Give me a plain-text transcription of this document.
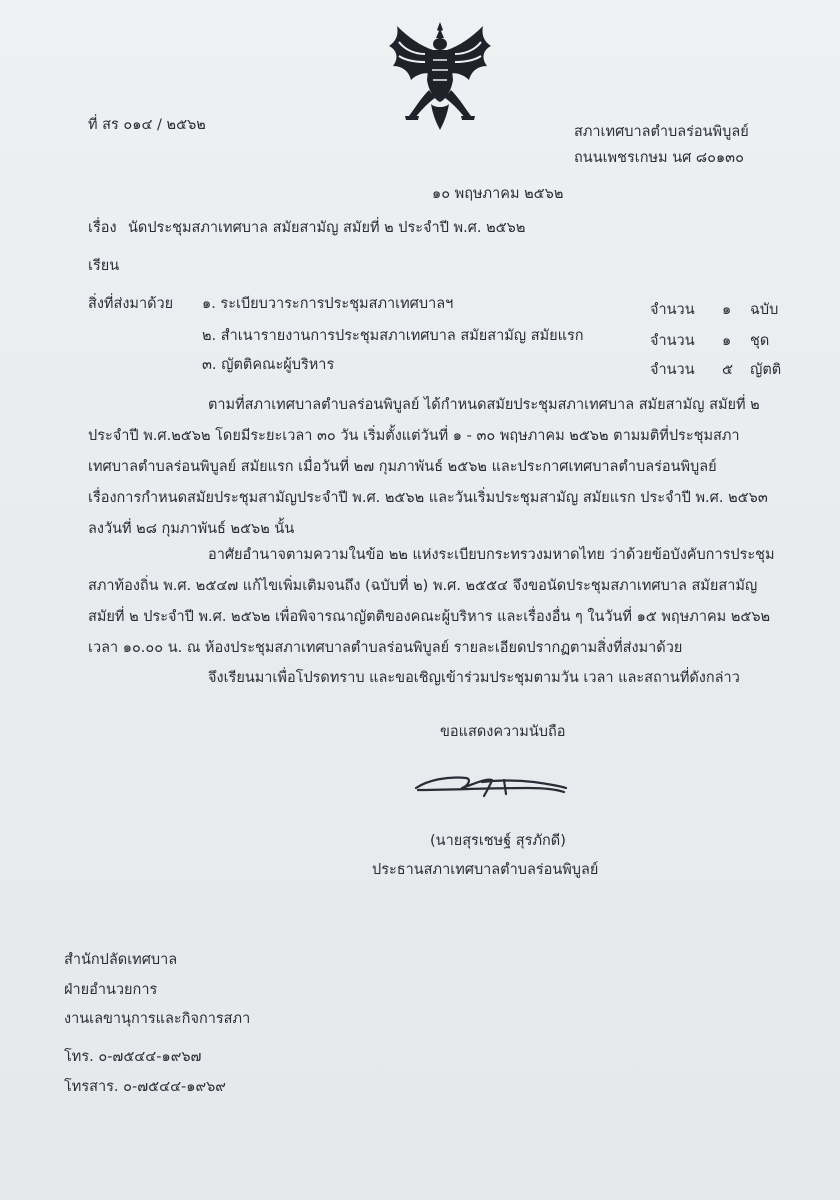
ที่ สร ๐๑๔ / ๒๕๖๒	สภาเทศบาลตำบลร่อนพิบูลย์
ถนนเพชรเกษม นศ ๘๐๑๓๐
๑๐ พฤษภาคม ๒๕๖๒
เรื่อง นัดประชุมสภาเทศบาล สมัยสามัญ สมัยที่ ๒ ประจำปี พ.ศ. ๒๕๖๒
เรียน
สิ่งที่ส่งมาด้วย ๑. ระเบียบวาระการประชุมสภาเทศบาลฯ	จำนวน ๑ ฉบับ
๒. สำเนารายงานการประชุมสภาเทศบาล สมัยสามัญ สมัยแรก	จำนวน ๑ ชุด
๓. ญัตติคณะผู้บริหาร	จำนวน ๕ ญัตติ
ตามที่สภาเทศบาลตำบลร่อนพิบูลย์ ได้กำหนดสมัยประชุมสภาเทศบาล สมัยสามัญ สมัยที่ ๒
ประจำปี พ.ศ.๒๕๖๒ โดยมีระยะเวลา ๓๐ วัน เริ่มตั้งแต่วันที่ ๑ - ๓๐ พฤษภาคม ๒๕๖๒ ตามมติที่ประชุมสภา
เทศบาลตำบลร่อนพิบูลย์ สมัยแรก เมื่อวันที่ ๒๗ กุมภาพันธ์ ๒๕๖๒ และประกาศเทศบาลตำบลร่อนพิบูลย์
เรื่องการกำหนดสมัยประชุมสามัญประจำปี พ.ศ. ๒๕๖๒ และวันเริ่มประชุมสามัญ สมัยแรก ประจำปี พ.ศ. ๒๕๖๓
ลงวันที่ ๒๘ กุมภาพันธ์ ๒๕๖๒ นั้น
อาศัยอำนาจตามความในข้อ ๒๒ แห่งระเบียบกระทรวงมหาดไทย ว่าด้วยข้อบังคับการประชุม
สภาท้องถิ่น พ.ศ. ๒๕๔๗ แก้ไขเพิ่มเติมจนถึง (ฉบับที่ ๒) พ.ศ. ๒๕๕๔ จึงขอนัดประชุมสภาเทศบาล สมัยสามัญ
สมัยที่ ๒ ประจำปี พ.ศ. ๒๕๖๒ เพื่อพิจารณาญัตติของคณะผู้บริหาร และเรื่องอื่น ๆ ในวันที่ ๑๕ พฤษภาคม ๒๕๖๒
เวลา ๑๐.๐๐ น. ณ ห้องประชุมสภาเทศบาลตำบลร่อนพิบูลย์ รายละเอียดปรากฏตามสิ่งที่ส่งมาด้วย
จึงเรียนมาเพื่อโปรดทราบ และขอเชิญเข้าร่วมประชุมตามวัน เวลา และสถานที่ดังกล่าว
ขอแสดงความนับถือ
(นายสุรเชษฐ์ สุรภักดี)
ประธานสภาเทศบาลตำบลร่อนพิบูลย์
สำนักปลัดเทศบาล
ฝ่ายอำนวยการ
งานเลขานุการและกิจการสภา
โทร. ๐-๗๕๔๔-๑๙๖๗
โทรสาร. ๐-๗๕๔๔-๑๙๖๙
